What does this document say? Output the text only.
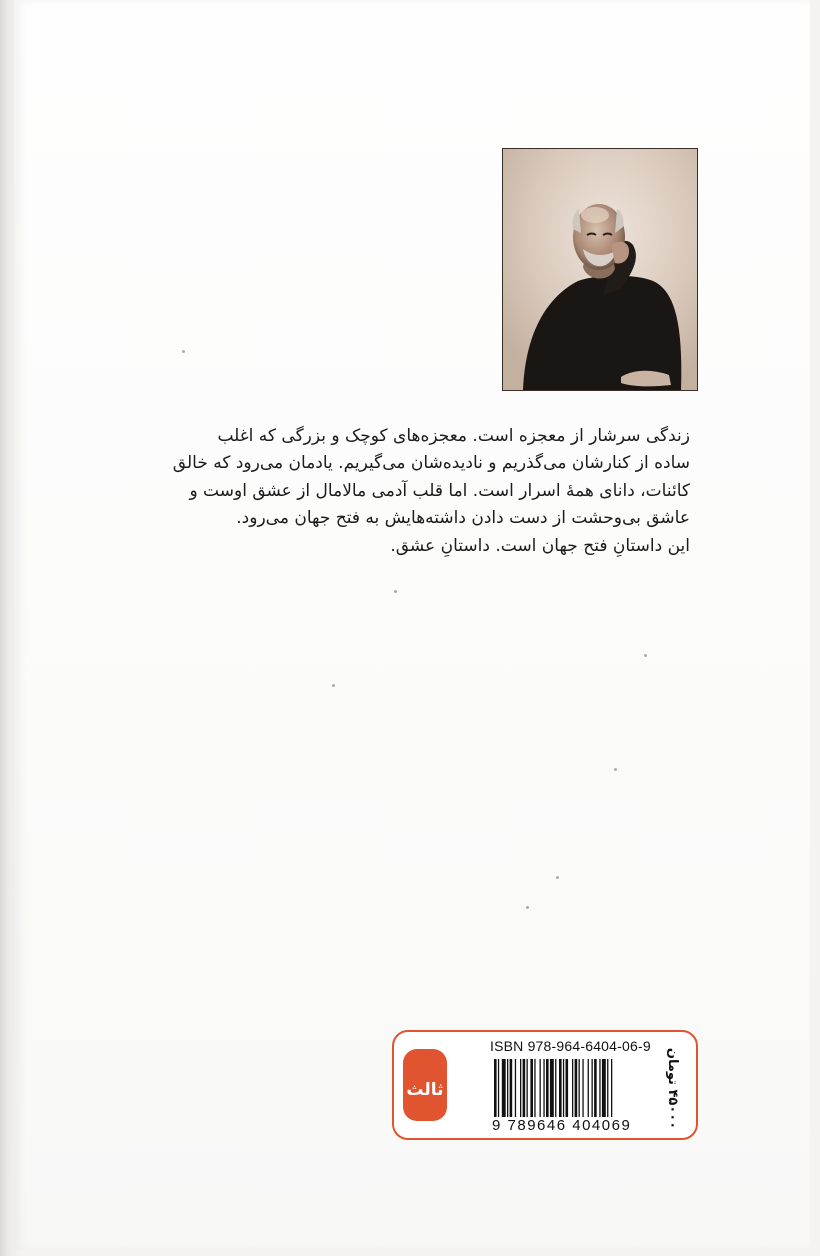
زندگی سرشار از معجزه است. معجزه‌های کوچک و بزرگی که اغلب

ساده از کنارشان می‌گذریم و نادیده‌شان می‌گیریم. یادمان می‌رود که خالق

کائنات، دانای همهٔ اسرار است. اما قلب آدمی مالامال از عشق اوست و

عاشق بی‌وحشت از دست دادن داشته‌هایش به فتح جهان می‌رود.

این داستانِ فتح جهان است. داستانِ عشق.

ثالث
ISBN 978-964-6404-06-9
9 789646 404069
۴۵۰۰۰ تومان
